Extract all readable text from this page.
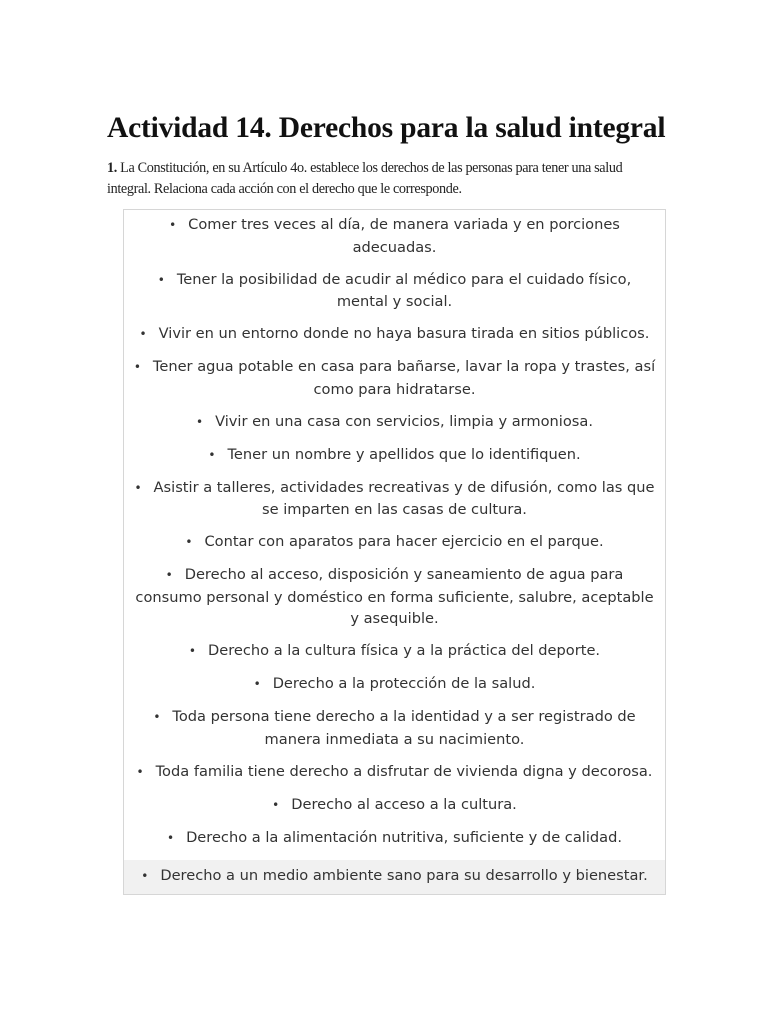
Actividad 14. Derechos para la salud integral

1. La Constitución, en su Artículo 4o. establece los derechos de las personas para tener una salud integral. Relaciona cada acción con el derecho que le corresponde.

• Comer tres veces al día, de manera variada y en porciones adecuadas.
• Tener la posibilidad de acudir al médico para el cuidado físico, mental y social.
• Vivir en un entorno donde no haya basura tirada en sitios públicos.
• Tener agua potable en casa para bañarse, lavar la ropa y trastes, así como para hidratarse.
• Vivir en una casa con servicios, limpia y armoniosa.
• Tener un nombre y apellidos que lo identifiquen.
• Asistir a talleres, actividades recreativas y de difusión, como las que se imparten en las casas de cultura.
• Contar con aparatos para hacer ejercicio en el parque.
• Derecho al acceso, disposición y saneamiento de agua para consumo personal y doméstico en forma suficiente, salubre, aceptable y asequible.
• Derecho a la cultura física y a la práctica del deporte.
• Derecho a la protección de la salud.
• Toda persona tiene derecho a la identidad y a ser registrado de manera inmediata a su nacimiento.
• Toda familia tiene derecho a disfrutar de vivienda digna y decorosa.
• Derecho al acceso a la cultura.
• Derecho a la alimentación nutritiva, suficiente y de calidad.
• Derecho a un medio ambiente sano para su desarrollo y bienestar.
